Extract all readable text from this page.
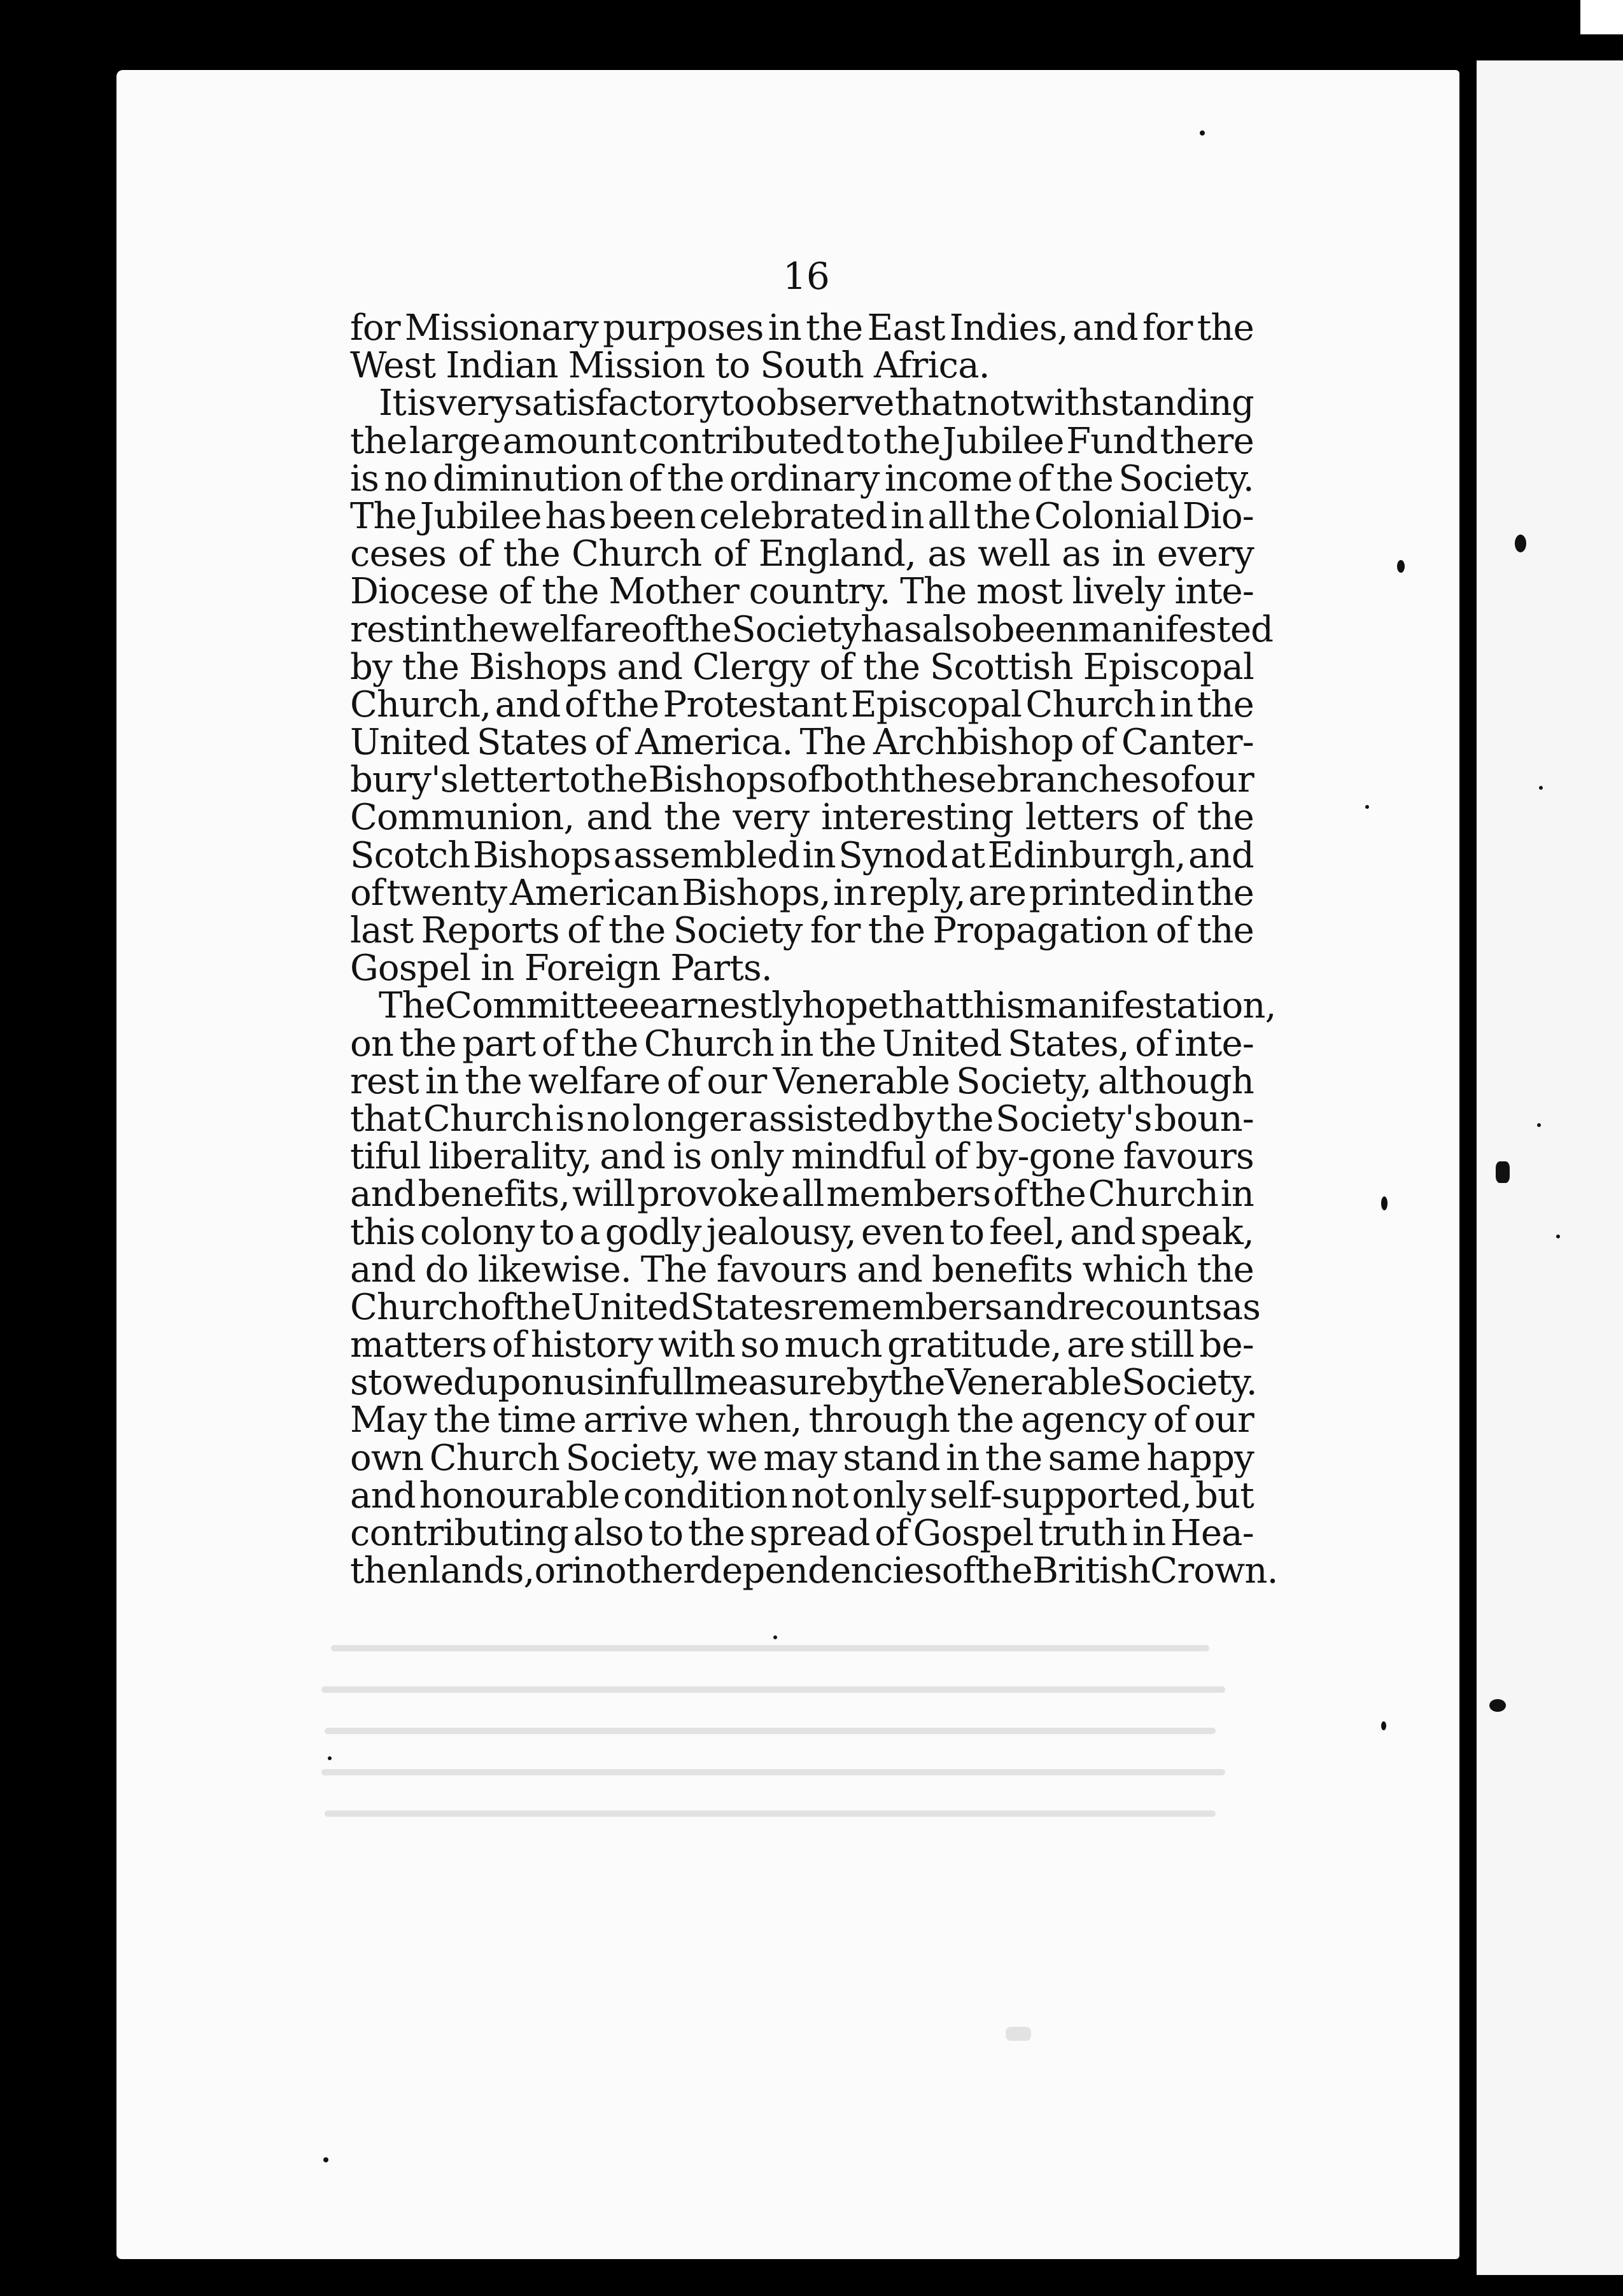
16
for Missionary purposes in the East Indies, and for the
West Indian Mission to South Africa.
It is very satisfactory to observe that notwithstanding
the large amount contributed to the Jubilee Fund there
is no diminution of the ordinary income of the Society.
The Jubilee has been celebrated in all the Colonial Dio-
ceses of the Church of England, as well as in every
Diocese of the Mother country. The most lively inte-
rest in the welfare of the Society has also been manifested
by the Bishops and Clergy of the Scottish Episcopal
Church, and of the Protestant Episcopal Church in the
United States of America. The Archbishop of Canter-
bury's letter to the Bishops of both these branches of our
Communion, and the very interesting letters of the
Scotch Bishops assembled in Synod at Edinburgh, and
of twenty American Bishops, in reply, are printed in the
last Reports of the Society for the Propagation of the
Gospel in Foreign Parts.
The Committee earnestly hope that this manifestation,
on the part of the Church in the United States, of inte-
rest in the welfare of our Venerable Society, although
that Church is no longer assisted by the Society's boun-
tiful liberality, and is only mindful of by-gone favours
and benefits, will provoke all members of the Church in
this colony to a godly jealousy, even to feel, and speak,
and do likewise. The favours and benefits which the
Church of the United States remembers and recounts as
matters of history with so much gratitude, are still be-
stowed upon us in full measure by the Venerable Society.
May the time arrive when, through the agency of our
own Church Society, we may stand in the same happy
and honourable condition not only self-supported, but
contributing also to the spread of Gospel truth in Hea-
then lands, or in other dependencies of the British Crown.
